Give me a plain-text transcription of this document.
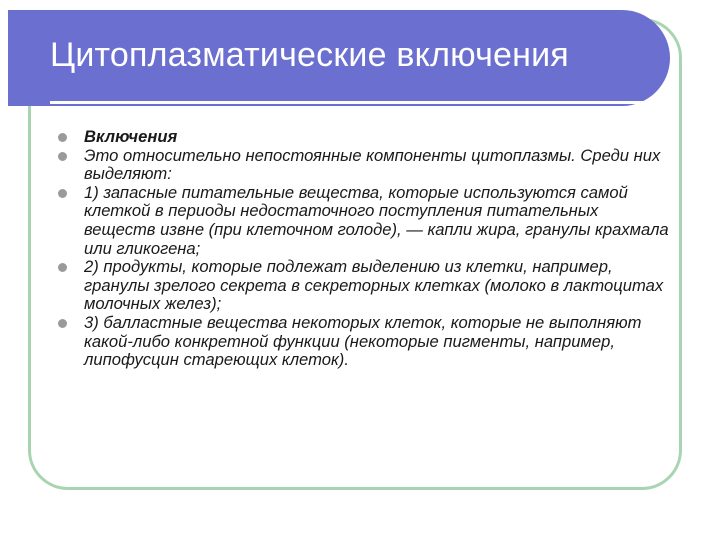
Цитоплазматические включения
Включения
Это относительно непостоянные компоненты цитоплазмы. Среди них выделяют:
1) запасные питательные вещества, которые используются самой клеткой в периоды недостаточного поступления питательных веществ извне (при клеточном голоде), — капли жира, гранулы крахмала или гликогена;
2) продукты, которые подлежат выделению из клетки, например, гранулы зрелого секрета в секреторных клетках (молоко в лактоцитах молочных желез);
3) балластные вещества некоторых клеток, которые не выполняют какой-либо конкретной функции (некоторые пигменты, например, липофусцин стареющих клеток).
